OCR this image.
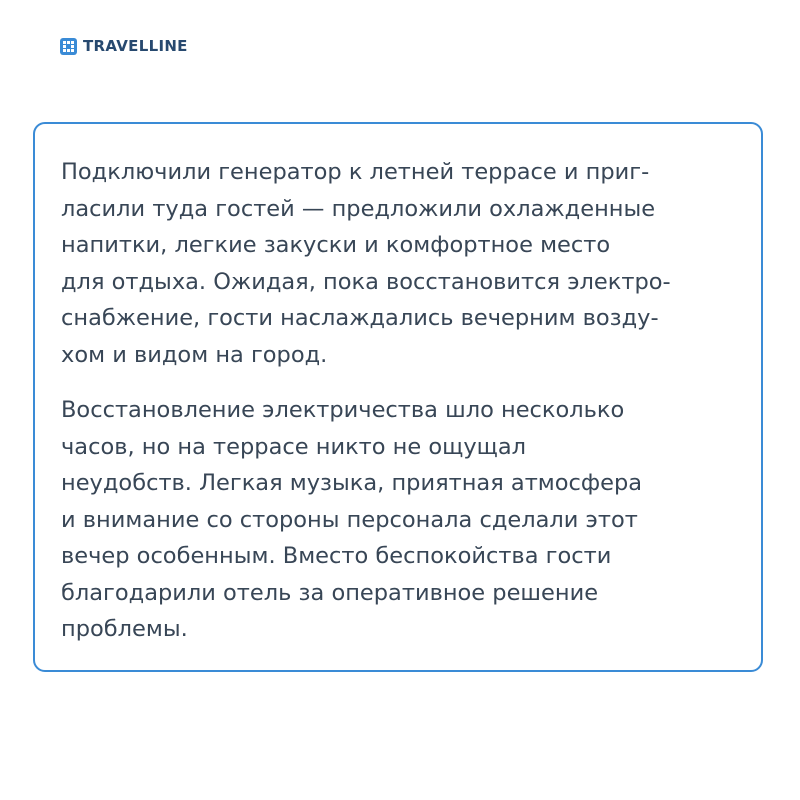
TRAVELLINE

Подключили генератор к летней террасе и приг-
ласили туда гостей — предложили охлажденные
напитки, легкие закуски и комфортное место
для отдыха. Ожидая, пока восстановится электро-
снабжение, гости наслаждались вечерним возду-
хом и видом на город.

Восстановление электричества шло несколько
часов, но на террасе никто не ощущал
неудобств. Легкая музыка, приятная атмосфера
и внимание со стороны персонала сделали этот
вечер особенным. Вместо беспокойства гости
благодарили отель за оперативное решение
проблемы.
